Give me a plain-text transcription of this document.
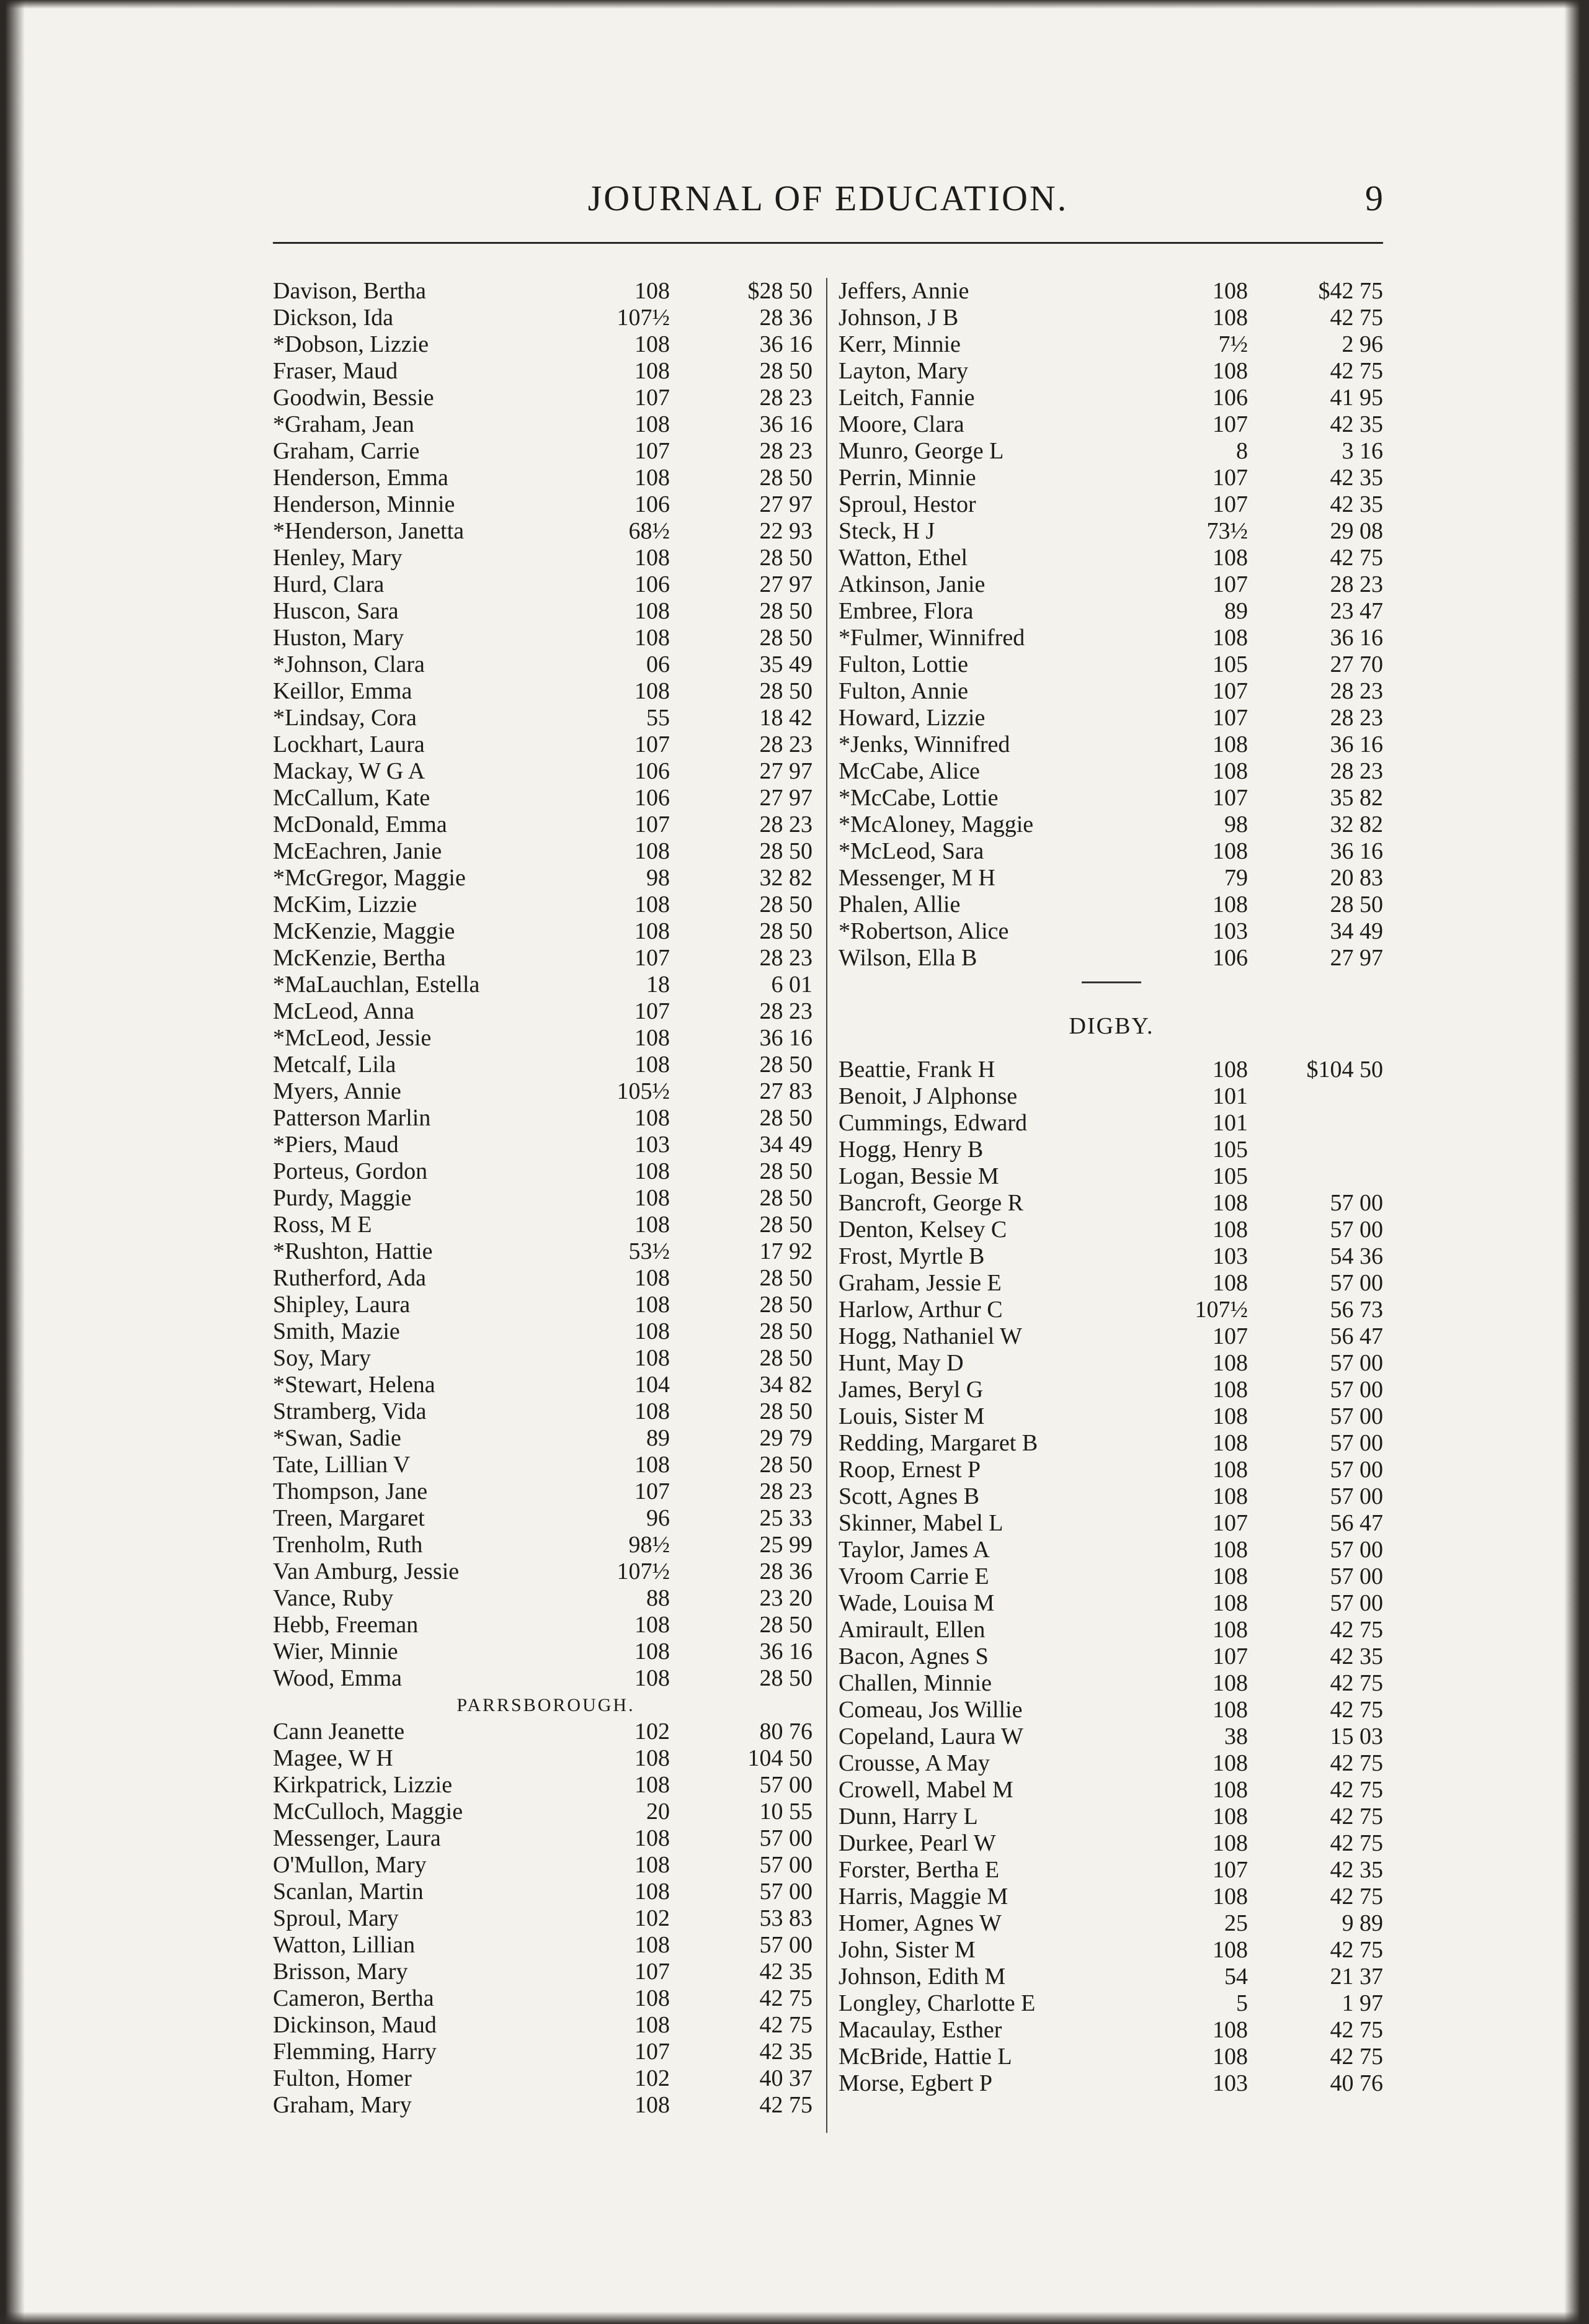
JOURNAL OF EDUCATION.	9
Davison, Bertha	108	$28 50
Dickson, Ida	107½	28 36
*Dobson, Lizzie	108	36 16
Fraser, Maud	108	28 50
Goodwin, Bessie	107	28 23
*Graham, Jean	108	36 16
Graham, Carrie	107	28 23
Henderson, Emma	108	28 50
Henderson, Minnie	106	27 97
*Henderson, Janetta	68½	22 93
Henley, Mary	108	28 50
Hurd, Clara	106	27 97
Huscon, Sara	108	28 50
Huston, Mary	108	28 50
*Johnson, Clara	06	35 49
Keillor, Emma	108	28 50
*Lindsay, Cora	55	18 42
Lockhart, Laura	107	28 23
Mackay, W G A	106	27 97
McCallum, Kate	106	27 97
McDonald, Emma	107	28 23
McEachren, Janie	108	28 50
*McGregor, Maggie	98	32 82
McKim, Lizzie	108	28 50
McKenzie, Maggie	108	28 50
McKenzie, Bertha	107	28 23
*MaLauchlan, Estella	18	6 01
McLeod, Anna	107	28 23
*McLeod, Jessie	108	36 16
Metcalf, Lila	108	28 50
Myers, Annie	105½	27 83
Patterson Marlin	108	28 50
*Piers, Maud	103	34 49
Porteus, Gordon	108	28 50
Purdy, Maggie	108	28 50
Ross, M E	108	28 50
*Rushton, Hattie	53½	17 92
Rutherford, Ada	108	28 50
Shipley, Laura	108	28 50
Smith, Mazie	108	28 50
Soy, Mary	108	28 50
*Stewart, Helena	104	34 82
Stramberg, Vida	108	28 50
*Swan, Sadie	89	29 79
Tate, Lillian V	108	28 50
Thompson, Jane	107	28 23
Treen, Margaret	96	25 33
Trenholm, Ruth	98½	25 99
Van Amburg, Jessie	107½	28 36
Vance, Ruby	88	23 20
Hebb, Freeman	108	28 50
Wier, Minnie	108	36 16
Wood, Emma	108	28 50
PARRSBOROUGH.
Cann Jeanette	102	80 76
Magee, W H	108	104 50
Kirkpatrick, Lizzie	108	57 00
McCulloch, Maggie	20	10 55
Messenger, Laura	108	57 00
O'Mullon, Mary	108	57 00
Scanlan, Martin	108	57 00
Sproul, Mary	102	53 83
Watton, Lillian	108	57 00
Brisson, Mary	107	42 35
Cameron, Bertha	108	42 75
Dickinson, Maud	108	42 75
Flemming, Harry	107	42 35
Fulton, Homer	102	40 37
Graham, Mary	108	42 75
Jeffers, Annie	108	$42 75
Johnson, J B	108	42 75
Kerr, Minnie	7½	2 96
Layton, Mary	108	42 75
Leitch, Fannie	106	41 95
Moore, Clara	107	42 35
Munro, George L	8	3 16
Perrin, Minnie	107	42 35
Sproul, Hestor	107	42 35
Steck, H J	73½	29 08
Watton, Ethel	108	42 75
Atkinson, Janie	107	28 23
Embree, Flora	89	23 47
*Fulmer, Winnifred	108	36 16
Fulton, Lottie	105	27 70
Fulton, Annie	107	28 23
Howard, Lizzie	107	28 23
*Jenks, Winnifred	108	36 16
McCabe, Alice	108	28 23
*McCabe, Lottie	107	35 82
*McAloney, Maggie	98	32 82
*McLeod, Sara	108	36 16
Messenger, M H	79	20 83
Phalen, Allie	108	28 50
*Robertson, Alice	103	34 49
Wilson, Ella B	106	27 97
DIGBY.
Beattie, Frank H	108	$104 50
Benoit, J Alphonse	101
Cummings, Edward	101
Hogg, Henry B	105
Logan, Bessie M	105
Bancroft, George R	108	57 00
Denton, Kelsey C	108	57 00
Frost, Myrtle B	103	54 36
Graham, Jessie E	108	57 00
Harlow, Arthur C	107½	56 73
Hogg, Nathaniel W	107	56 47
Hunt, May D	108	57 00
James, Beryl G	108	57 00
Louis, Sister M	108	57 00
Redding, Margaret B	108	57 00
Roop, Ernest P	108	57 00
Scott, Agnes B	108	57 00
Skinner, Mabel L	107	56 47
Taylor, James A	108	57 00
Vroom Carrie E	108	57 00
Wade, Louisa M	108	57 00
Amirault, Ellen	108	42 75
Bacon, Agnes S	107	42 35
Challen, Minnie	108	42 75
Comeau, Jos Willie	108	42 75
Copeland, Laura W	38	15 03
Crousse, A May	108	42 75
Crowell, Mabel M	108	42 75
Dunn, Harry L	108	42 75
Durkee, Pearl W	108	42 75
Forster, Bertha E	107	42 35
Harris, Maggie M	108	42 75
Homer, Agnes W	25	9 89
John, Sister M	108	42 75
Johnson, Edith M	54	21 37
Longley, Charlotte E	5	1 97
Macaulay, Esther	108	42 75
McBride, Hattie L	108	42 75
Morse, Egbert P	103	40 76
